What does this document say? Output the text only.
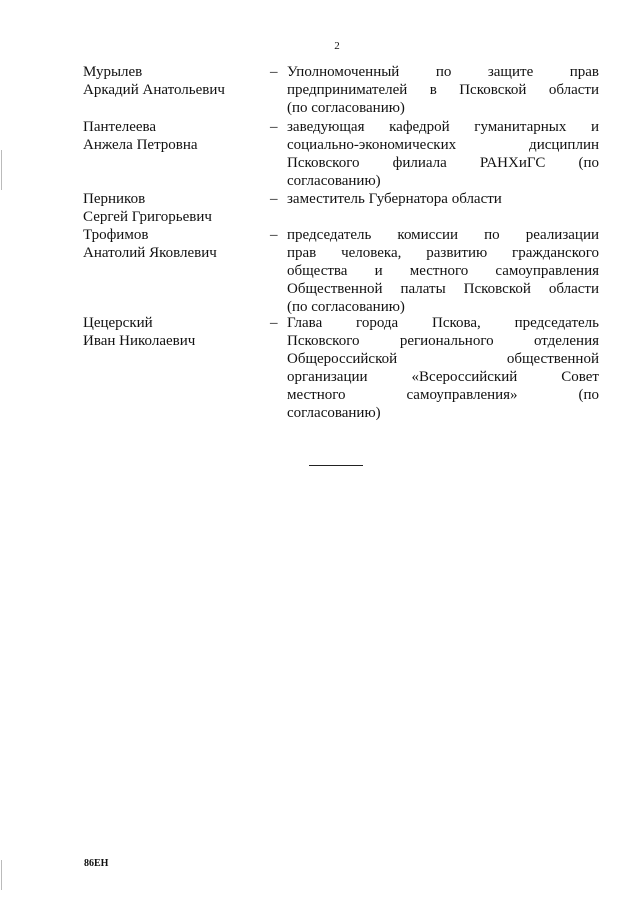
2
Мурылев
Аркадий Анатольевич
– Уполномоченный по защите прав
предпринимателей в Псковской области
(по согласованию)
Пантелеева
Анжела Петровна
– заведующая кафедрой гуманитарных и
социально-экономических дисциплин
Псковского филиала РАНХиГС (по
согласованию)
Перников
Сергей Григорьевич
– заместитель Губернатора области
Трофимов
Анатолий Яковлевич
– председатель комиссии по реализации
прав человека, развитию гражданского
общества и местного самоуправления
Общественной палаты Псковской области
(по согласованию)
Цецерский
Иван Николаевич
– Глава города Пскова, председатель
Псковского регионального отделения
Общероссийской общественной
организации «Всероссийский Совет
местного самоуправления» (по
согласованию)
86ЕН
